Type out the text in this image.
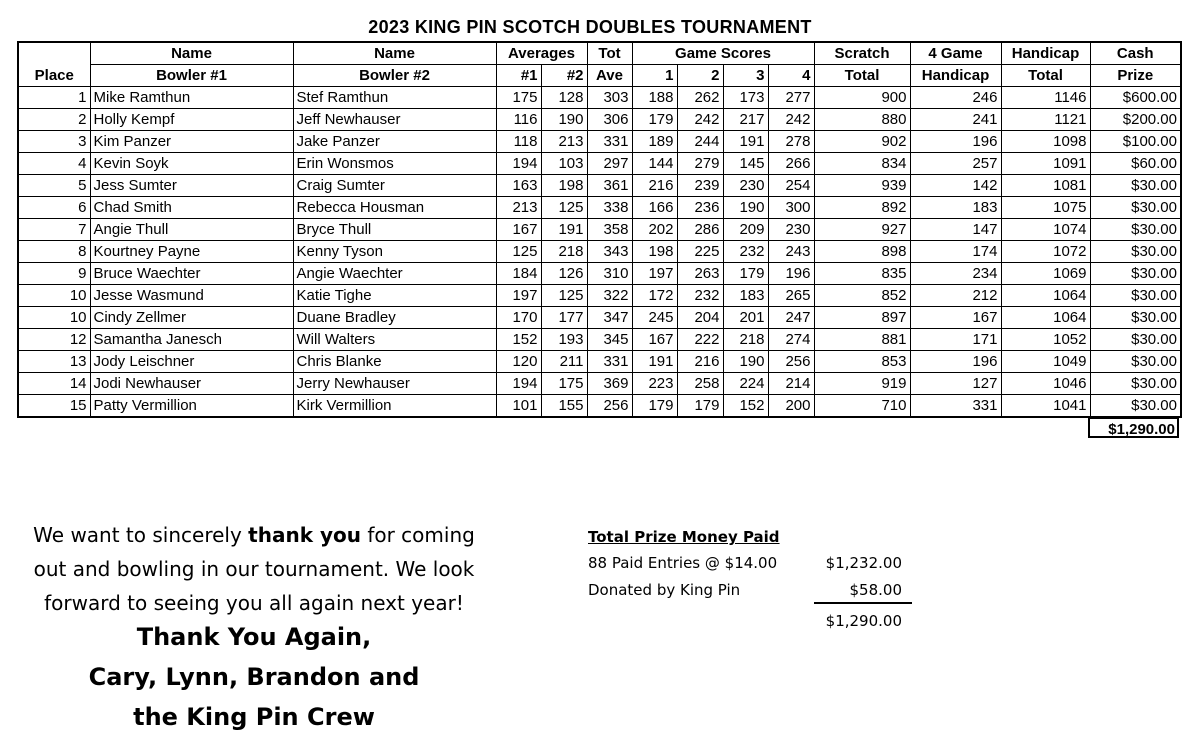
2023 KING PIN SCOTCH DOUBLES TOURNAMENT
Place	Name	Name	Averages		Tot	Game Scores				Scratch	4 Game	Handicap	Cash
	Bowler #1	Bowler #2	#1	#2	Ave	1	2	3	4	Total	Handicap	Total	Prize
1	Mike Ramthun	Stef Ramthun	175	128	303	188	262	173	277	900	246	1146	$600.00
2	Holly Kempf	Jeff Newhauser	116	190	306	179	242	217	242	880	241	1121	$200.00
3	Kim Panzer	Jake Panzer	118	213	331	189	244	191	278	902	196	1098	$100.00
4	Kevin Soyk	Erin Wonsmos	194	103	297	144	279	145	266	834	257	1091	$60.00
5	Jess Sumter	Craig Sumter	163	198	361	216	239	230	254	939	142	1081	$30.00
6	Chad Smith	Rebecca Housman	213	125	338	166	236	190	300	892	183	1075	$30.00
7	Angie Thull	Bryce Thull	167	191	358	202	286	209	230	927	147	1074	$30.00
8	Kourtney Payne	Kenny Tyson	125	218	343	198	225	232	243	898	174	1072	$30.00
9	Bruce Waechter	Angie Waechter	184	126	310	197	263	179	196	835	234	1069	$30.00
10	Jesse Wasmund	Katie Tighe	197	125	322	172	232	183	265	852	212	1064	$30.00
10	Cindy Zellmer	Duane Bradley	170	177	347	245	204	201	247	897	167	1064	$30.00
12	Samantha Janesch	Will Walters	152	193	345	167	222	218	274	881	171	1052	$30.00
13	Jody Leischner	Chris Blanke	120	211	331	191	216	190	256	853	196	1049	$30.00
14	Jodi Newhauser	Jerry Newhauser	194	175	369	223	258	224	214	919	127	1046	$30.00
15	Patty Vermillion	Kirk Vermillion	101	155	256	179	179	152	200	710	331	1041	$30.00
$1,290.00
We want to sincerely thank you for coming
out and bowling in our tournament. We look
forward to seeing you all again next year!
Thank You Again,
Cary, Lynn, Brandon and
the King Pin Crew
Total Prize Money Paid
88 Paid Entries @ $14.00	$1,232.00
Donated by King Pin	$58.00
$1,290.00
